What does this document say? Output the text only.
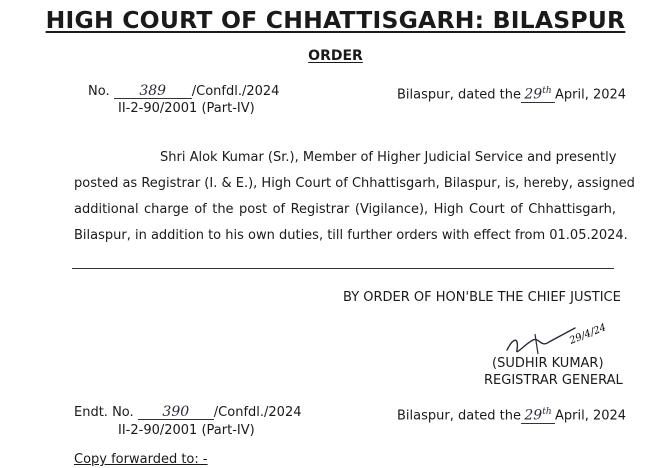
HIGH COURT OF CHHATTISGARH: BILASPUR
ORDER
No. 389 /Confdl./2024
II-2-90/2001 (Part-IV)
Bilaspur, dated the 29th April, 2024
Shri Alok Kumar (Sr.), Member of Higher Judicial Service and presently
posted as Registrar (I. & E.), High Court of Chhattisgarh, Bilaspur, is, hereby, assigned
additional charge of the post of Registrar (Vigilance), High Court of Chhattisgarh,
Bilaspur, in addition to his own duties, till further orders with effect from 01.05.2024.
BY ORDER OF HON'BLE THE CHIEF JUSTICE
29/4/24
(SUDHIR KUMAR)
REGISTRAR GENERAL
Endt. No. 390 /Confdl./2024
II-2-90/2001 (Part-IV)
Bilaspur, dated the 29th April, 2024
Copy forwarded to: -
